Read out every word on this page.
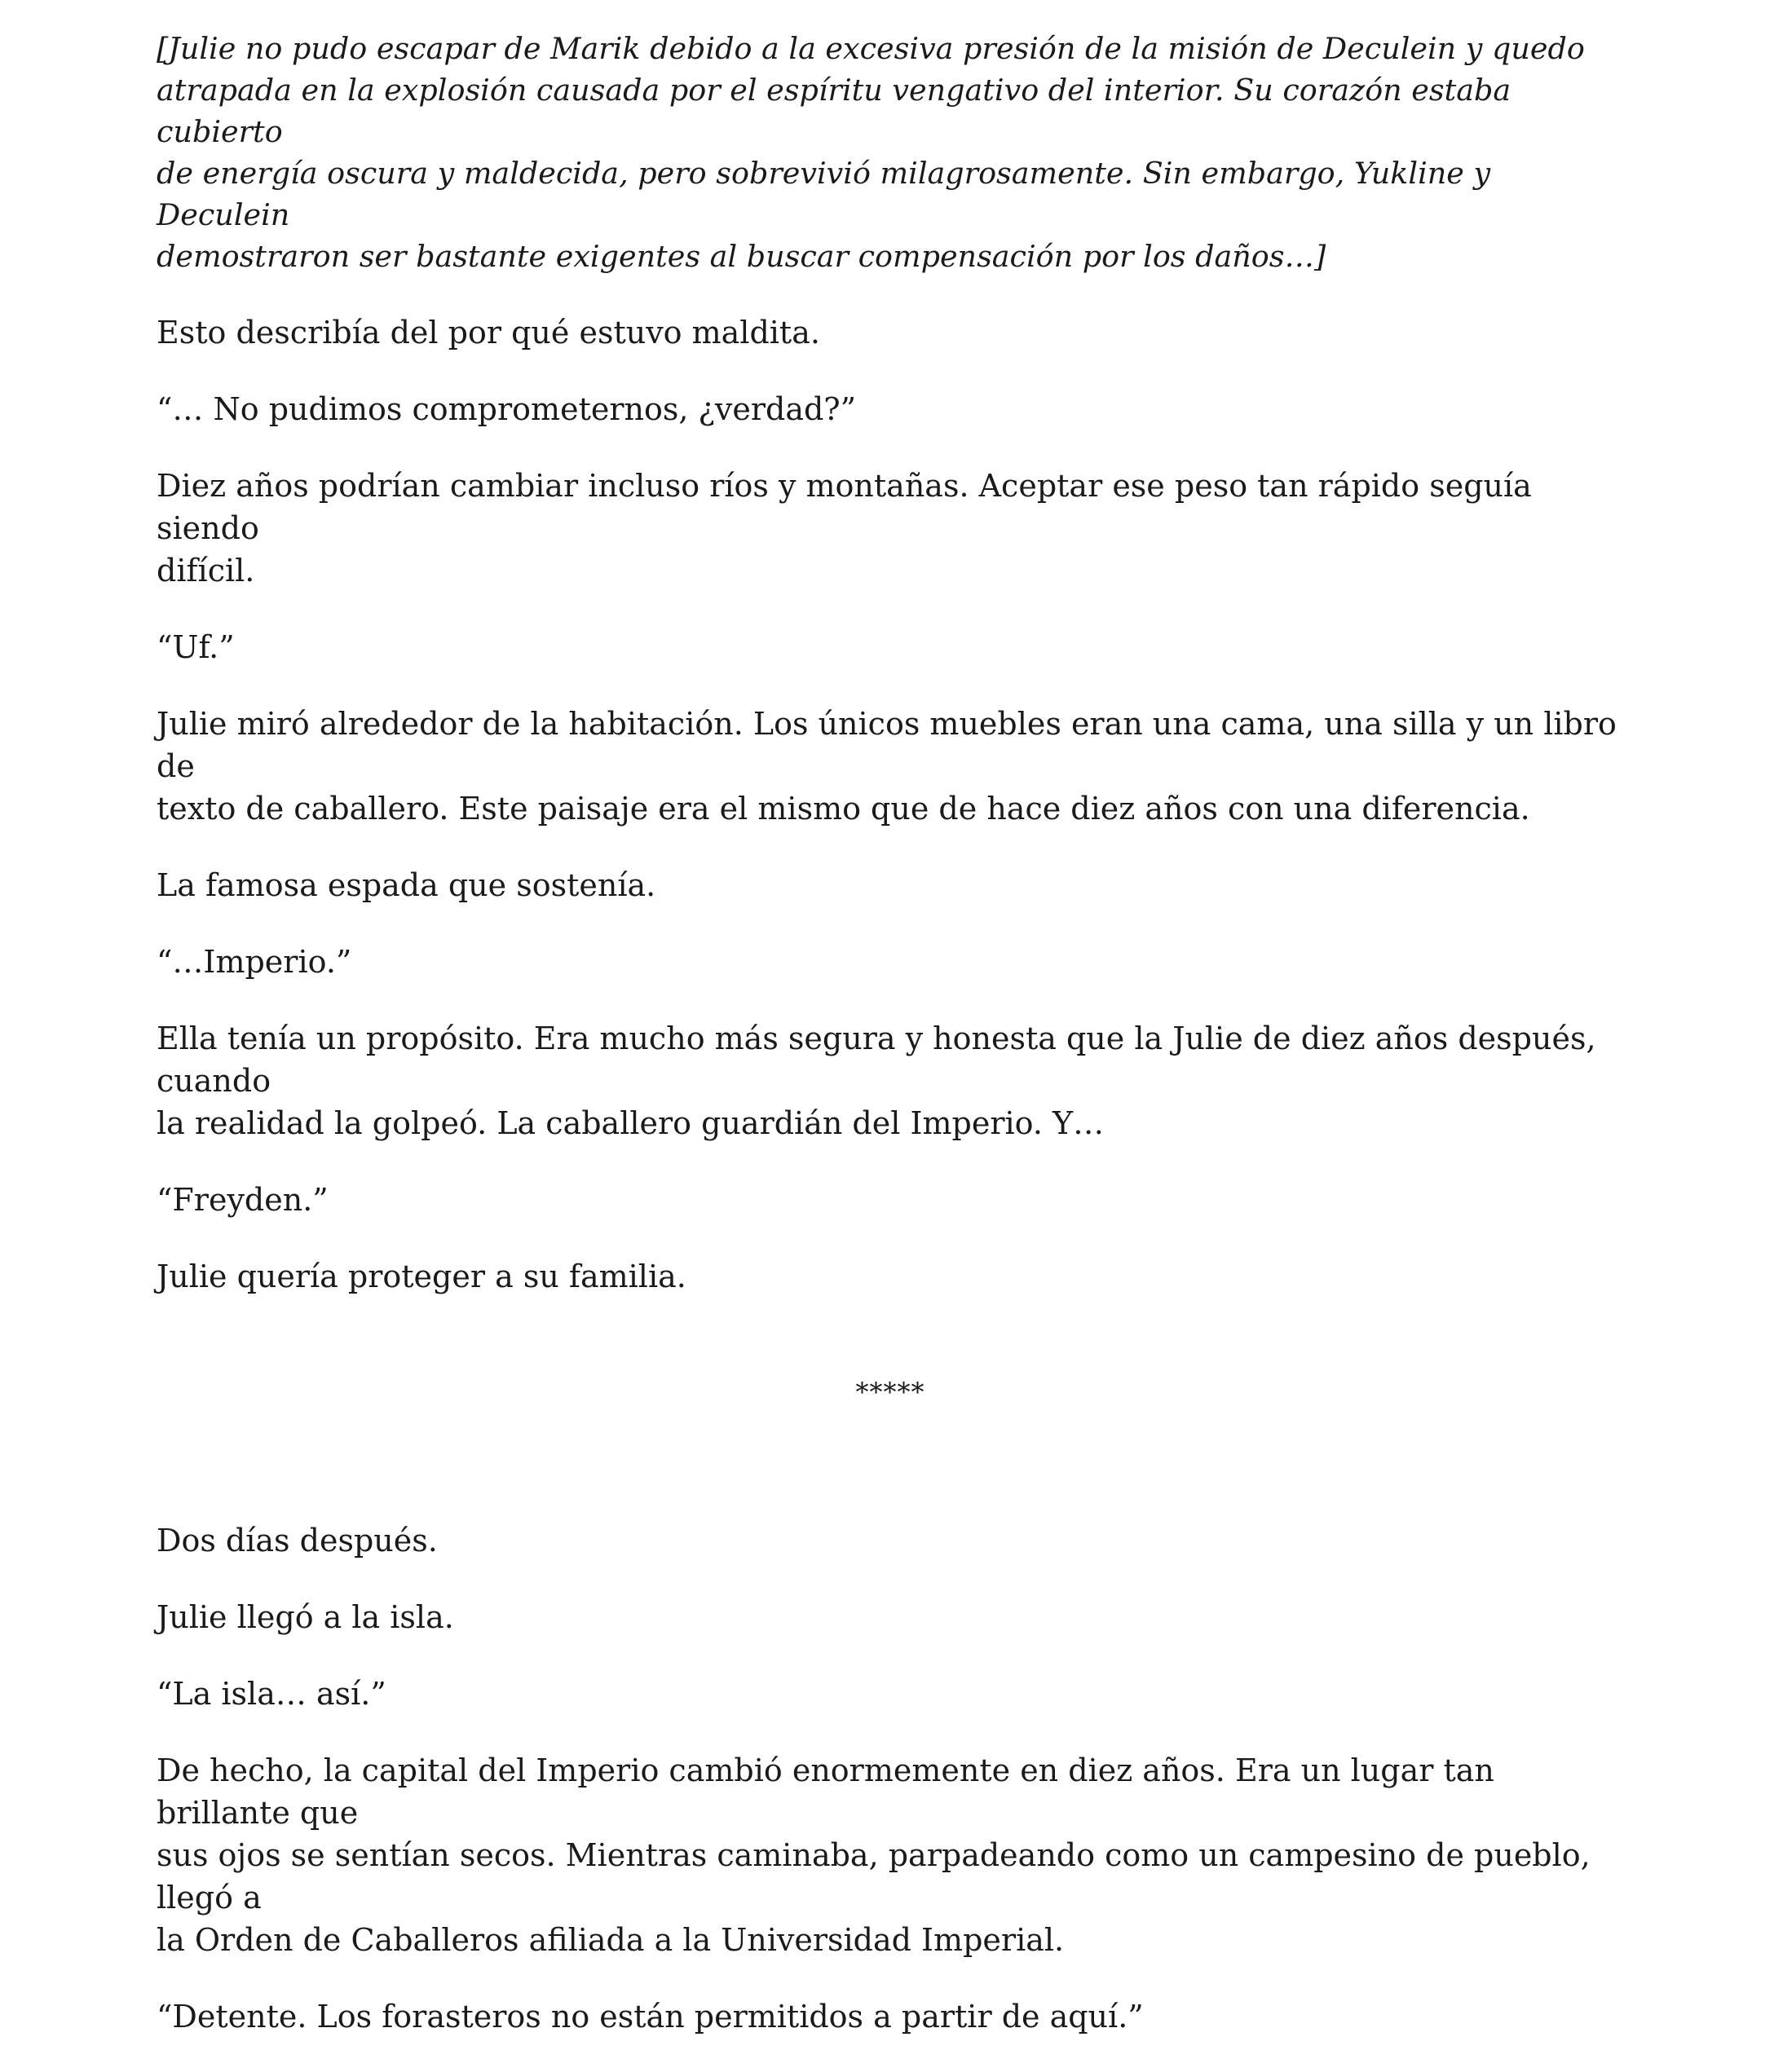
[Julie no pudo escapar de Marik debido a la excesiva presión de la misión de Deculein y quedo
atrapada en la explosión causada por el espíritu vengativo del interior. Su corazón estaba cubierto
de energía oscura y maldecida, pero sobrevivió milagrosamente. Sin embargo, Yukline y Deculein
demostraron ser bastante exigentes al buscar compensación por los daños…]

Esto describía del por qué estuvo maldita.

“… No pudimos comprometernos, ¿verdad?”

Diez años podrían cambiar incluso ríos y montañas. Aceptar ese peso tan rápido seguía siendo
difícil.

“Uf.”

Julie miró alrededor de la habitación. Los únicos muebles eran una cama, una silla y un libro de
texto de caballero. Este paisaje era el mismo que de hace diez años con una diferencia.

La famosa espada que sostenía.

“…Imperio.”

Ella tenía un propósito. Era mucho más segura y honesta que la Julie de diez años después, cuando
la realidad la golpeó. La caballero guardián del Imperio. Y…

“Freyden.”

Julie quería proteger a su familia.

*****

Dos días después.

Julie llegó a la isla.

“La isla… así.”

De hecho, la capital del Imperio cambió enormemente en diez años. Era un lugar tan brillante que
sus ojos se sentían secos. Mientras caminaba, parpadeando como un campesino de pueblo, llegó a
la Orden de Caballeros afiliada a la Universidad Imperial.

“Detente. Los forasteros no están permitidos a partir de aquí.”
